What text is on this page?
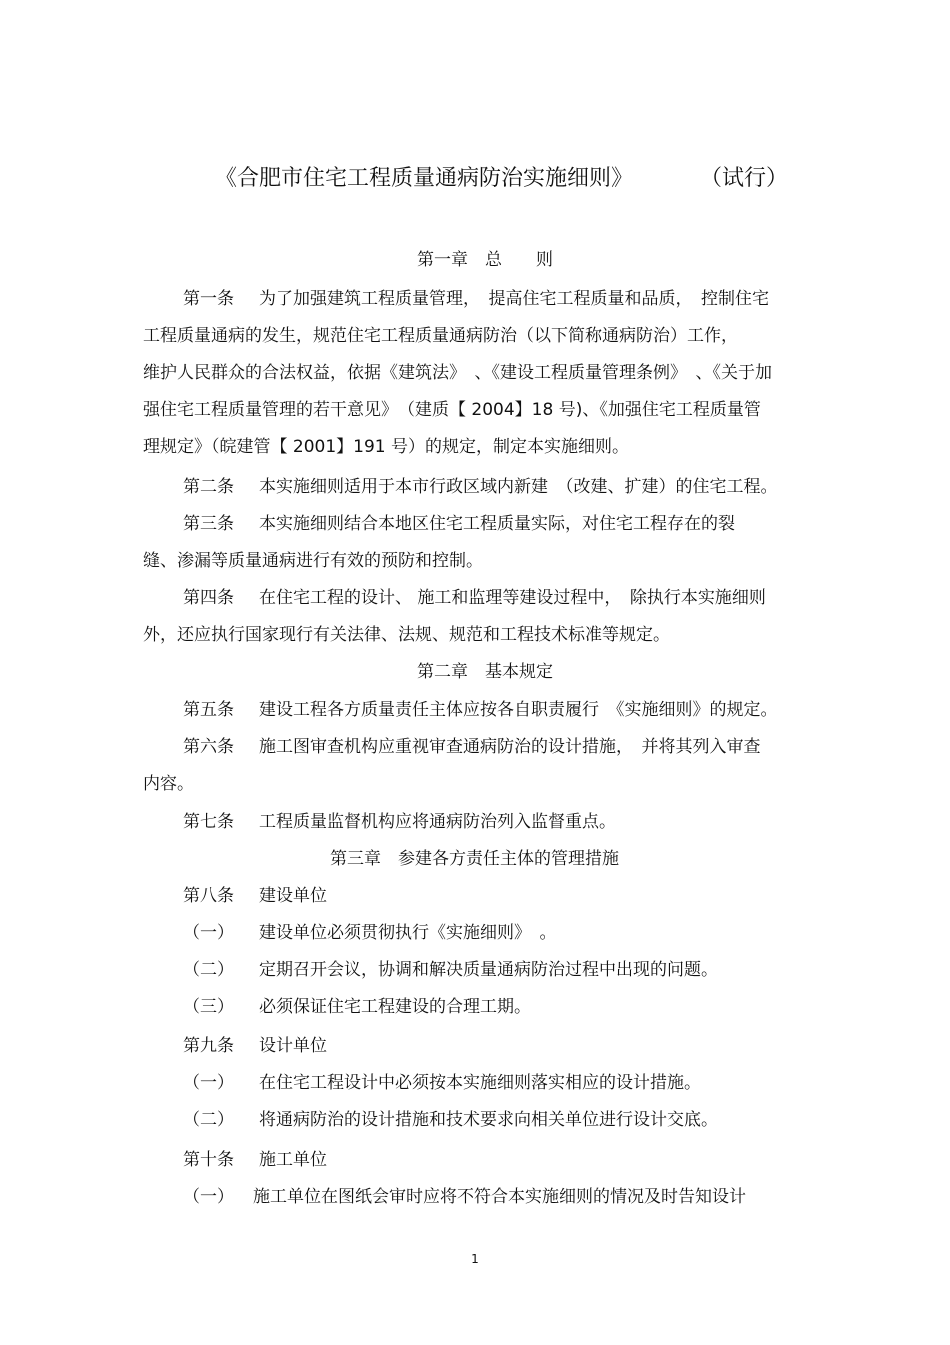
《合肥市住宅工程质量通病防治实施细则》	（试行）
第一章　总　　则
第一条 为了加强建筑工程质量管理，　提高住宅工程质量和品质，　控制住宅
工程质量通病的发生，规范住宅工程质量通病防治（以下简称通病防治）工作，
维护人民群众的合法权益，依据《建筑法》　、《建设工程质量管理条例》　、《关于加
强住宅工程质量管理的若干意见》　（建质【 2004】18 号)、《加强住宅工程质量管
理规定》（皖建管【 2001】191 号）的规定，制定本实施细则。
第二条 本实施细则适用于本市行政区域内新建　（改建、扩建）的住宅工程。
第三条 本实施细则结合本地区住宅工程质量实际，对住宅工程存在的裂
缝、渗漏等质量通病进行有效的预防和控制。
第四条 在住宅工程的设计、 施工和监理等建设过程中，　除执行本实施细则
外，还应执行国家现行有关法律、法规、规范和工程技术标准等规定。
第二章　基本规定
第五条 建设工程各方质量责任主体应按各自职责履行　《实施细则》的规定。
第六条 施工图审查机构应重视审查通病防治的设计措施，　并将其列入审查
内容。
第七条 工程质量监督机构应将通病防治列入监督重点。
第三章　参建各方责任主体的管理措施
第八条 建设单位
（一） 建设单位必须贯彻执行《实施细则》　。
（二） 定期召开会议，协调和解决质量通病防治过程中出现的问题。
（三） 必须保证住宅工程建设的合理工期。
第九条 设计单位
（一） 在住宅工程设计中必须按本实施细则落实相应的设计措施。
（二） 将通病防治的设计措施和技术要求向相关单位进行设计交底。
第十条 施工单位
（一） 施工单位在图纸会审时应将不符合本实施细则的情况及时告知设计
1
